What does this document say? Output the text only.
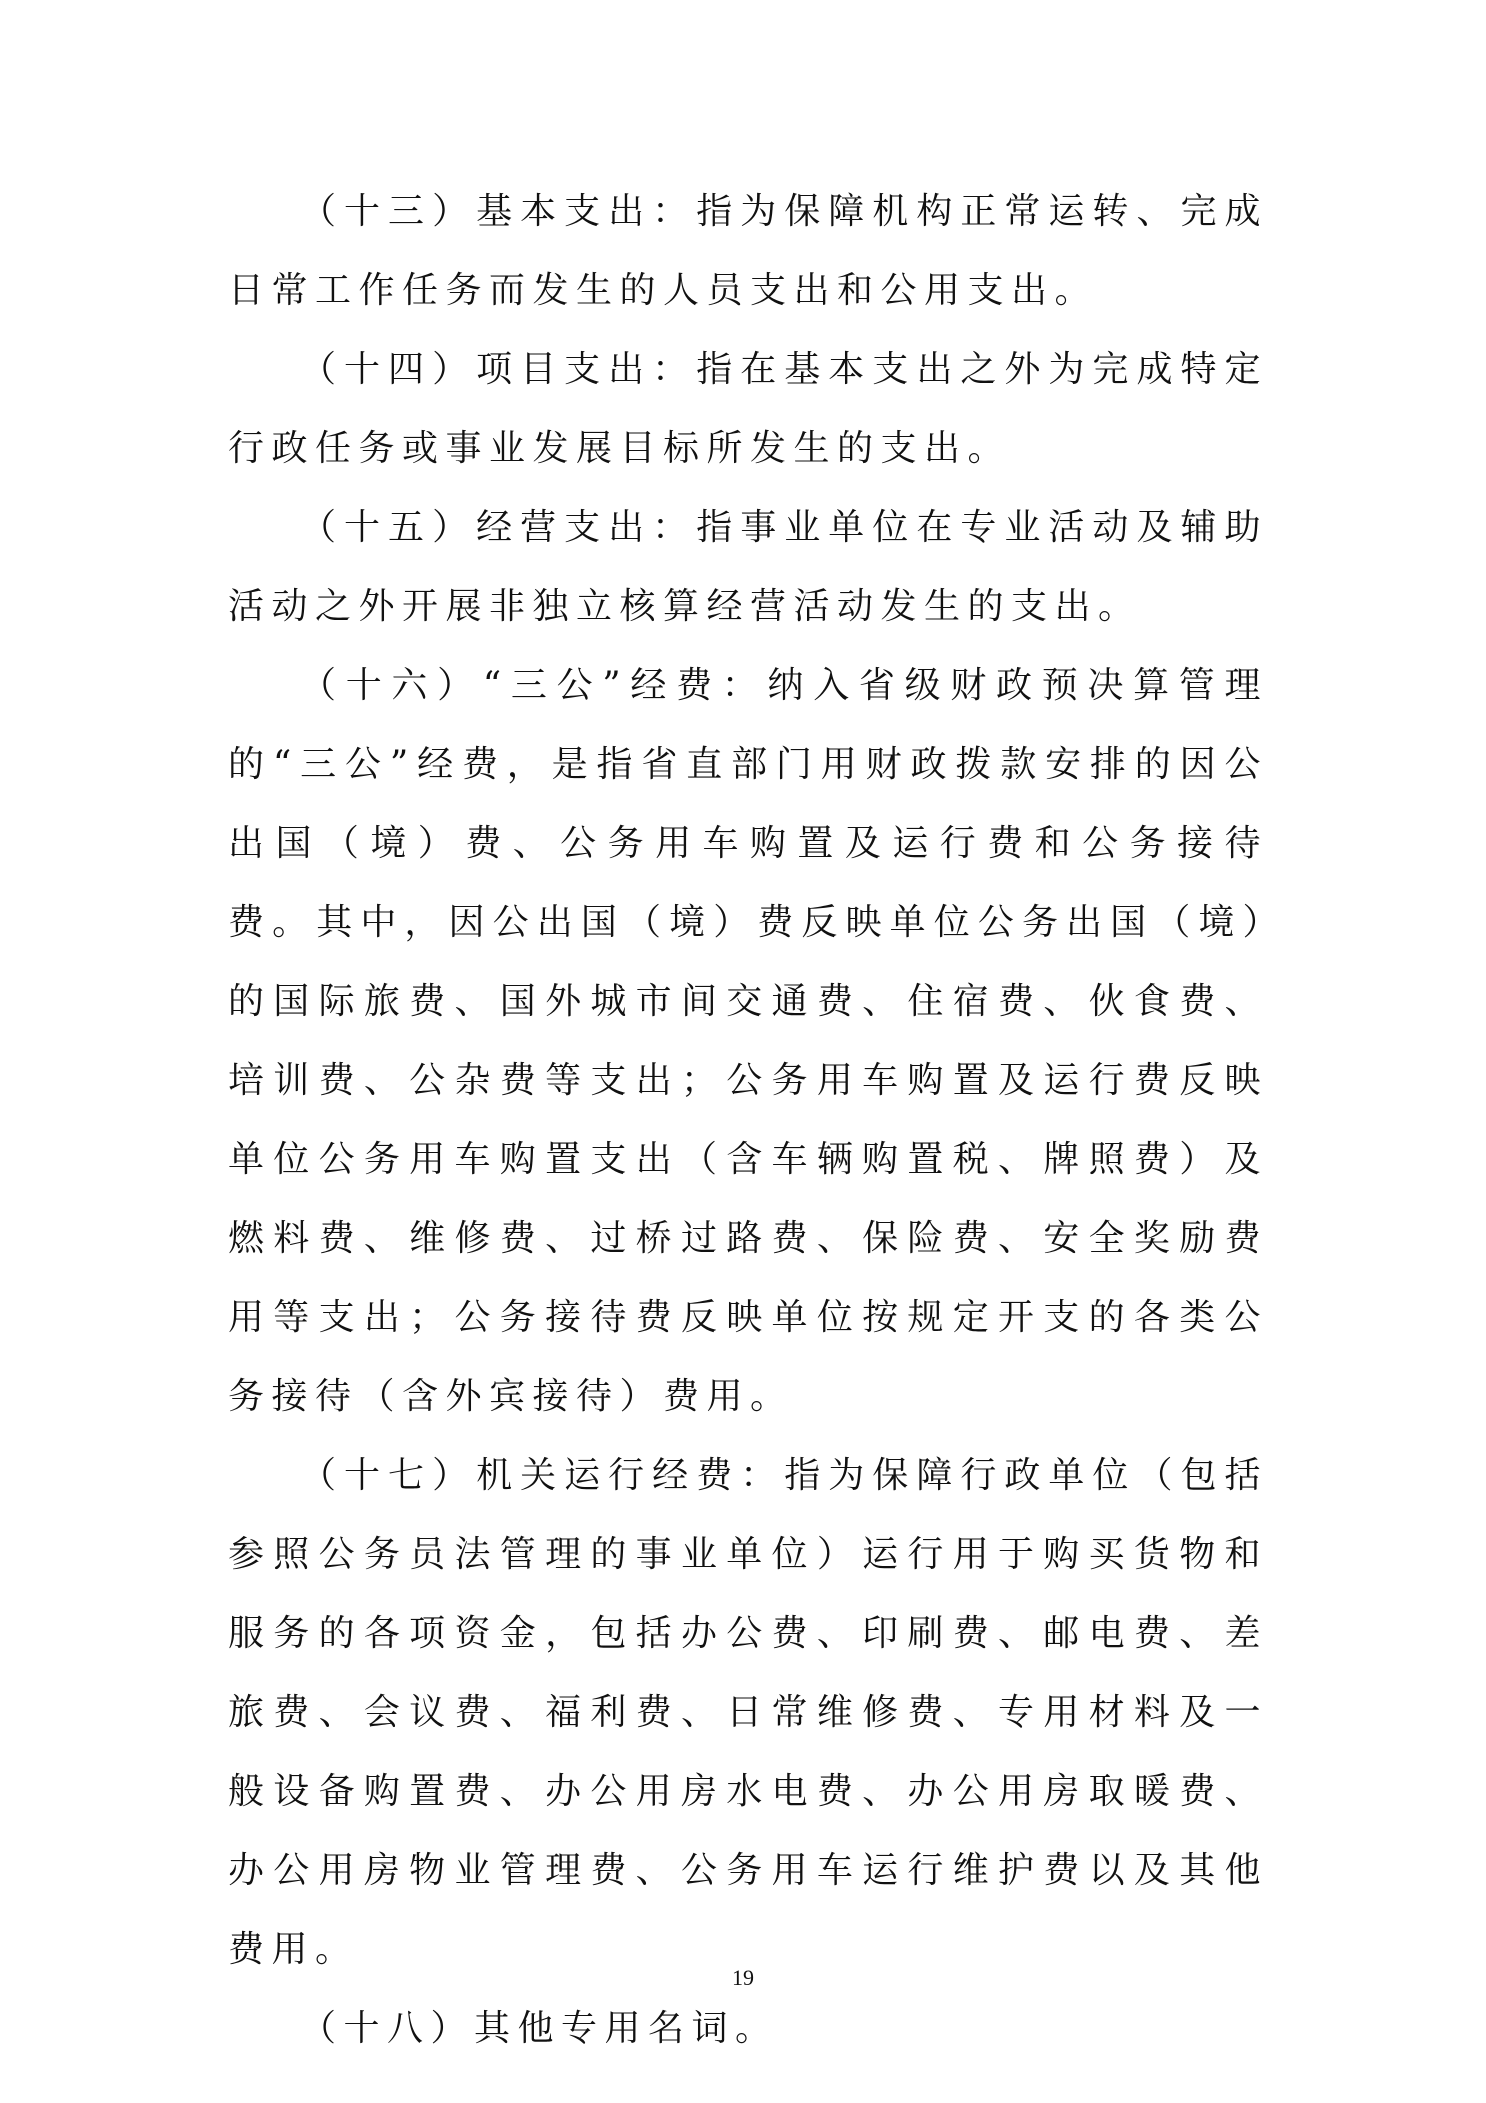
（十三）基本支出：指为保障机构正常运转、完成日常工作任务而发生的人员支出和公用支出。

（十四）项目支出：指在基本支出之外为完成特定行政任务或事业发展目标所发生的支出。

（十五）经营支出：指事业单位在专业活动及辅助活动之外开展非独立核算经营活动发生的支出。

（十六）“三公”经费：纳入省级财政预决算管理的“三公”经费，是指省直部门用财政拨款安排的因公出国（境）费、公务用车购置及运行费和公务接待费。其中，因公出国（境）费反映单位公务出国（境）的国际旅费、国外城市间交通费、住宿费、伙食费、培训费、公杂费等支出；公务用车购置及运行费反映单位公务用车购置支出（含车辆购置税、牌照费）及燃料费、维修费、过桥过路费、保险费、安全奖励费用等支出；公务接待费反映单位按规定开支的各类公务接待（含外宾接待）费用。

（十七）机关运行经费：指为保障行政单位（包括参照公务员法管理的事业单位）运行用于购买货物和服务的各项资金，包括办公费、印刷费、邮电费、差旅费、会议费、福利费、日常维修费、专用材料及一般设备购置费、办公用房水电费、办公用房取暖费、办公用房物业管理费、公务用车运行维护费以及其他费用。

（十八）其他专用名词。

19
